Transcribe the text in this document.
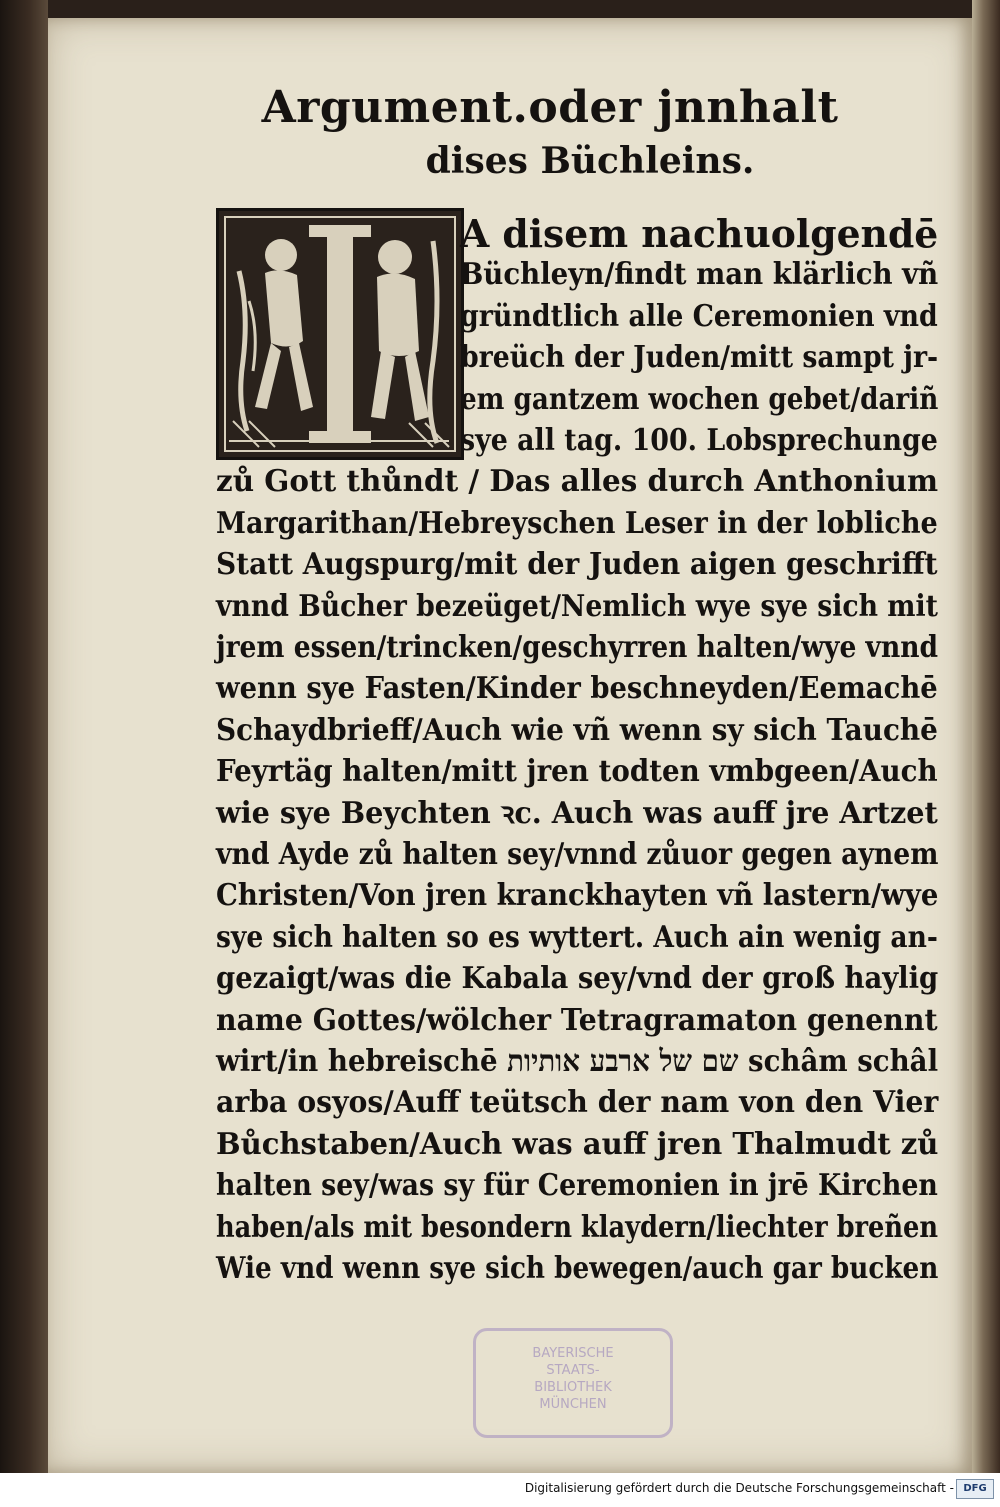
Argument.oder jnnhalt
dises Büchleins.
A disem nachuolgendē
Büchleyn/findt man klärlich vñ
gründtlich alle Ceremonien vnd
breüch der Juden/mitt sampt jr-
em gantzem wochen gebet/dariñ
sye all tag. 100. Lobsprechunge
zů Gott thůndt / Das alles durch Anthonium
Margarithan/Hebreyschen Leser in der lobliche
Statt Augspurg/mit der Juden aigen geschrifft
vnnd Bůcher bezeüget/Nemlich wye sye sich mit
jrem essen/trincken/geschyrren halten/wye vnnd
wenn sye Fasten/Kinder beschneyden/Eemachē
Schaydbrieff/Auch wie vñ wenn sy sich Tauchē
Feyrtäg halten/mitt jren todten vmbgeen/Auch
wie sye Beychten ꝛc. Auch was auff jre Artzet
vnd Ayde zů halten sey/vnnd zůuor gegen aynem
Christen/Von jren kranckhayten vñ lastern/wye
sye sich halten so es wyttert. Auch ain wenig an-
gezaigt/was die Kabala sey/vnd der groß haylig
name Gottes/wölcher Tetragramaton genennt
wirt/in hebreischē שם של ארבע אותיות schâm schâl
arba osyos/Auff teütsch der nam von den Vier
Bůchstaben/Auch was auff jren Thalmudt zů
halten sey/was sy für Ceremonien in jrē Kirchen
haben/als mit besondern klaydern/liechter breñen
Wie vnd wenn sye sich bewegen/auch gar bucken
BAYERISCHE
STAATS-
BIBLIOTHEK
MÜNCHEN
Digitalisierung gefördert durch die Deutsche Forschungsgemeinschaft - DFG
